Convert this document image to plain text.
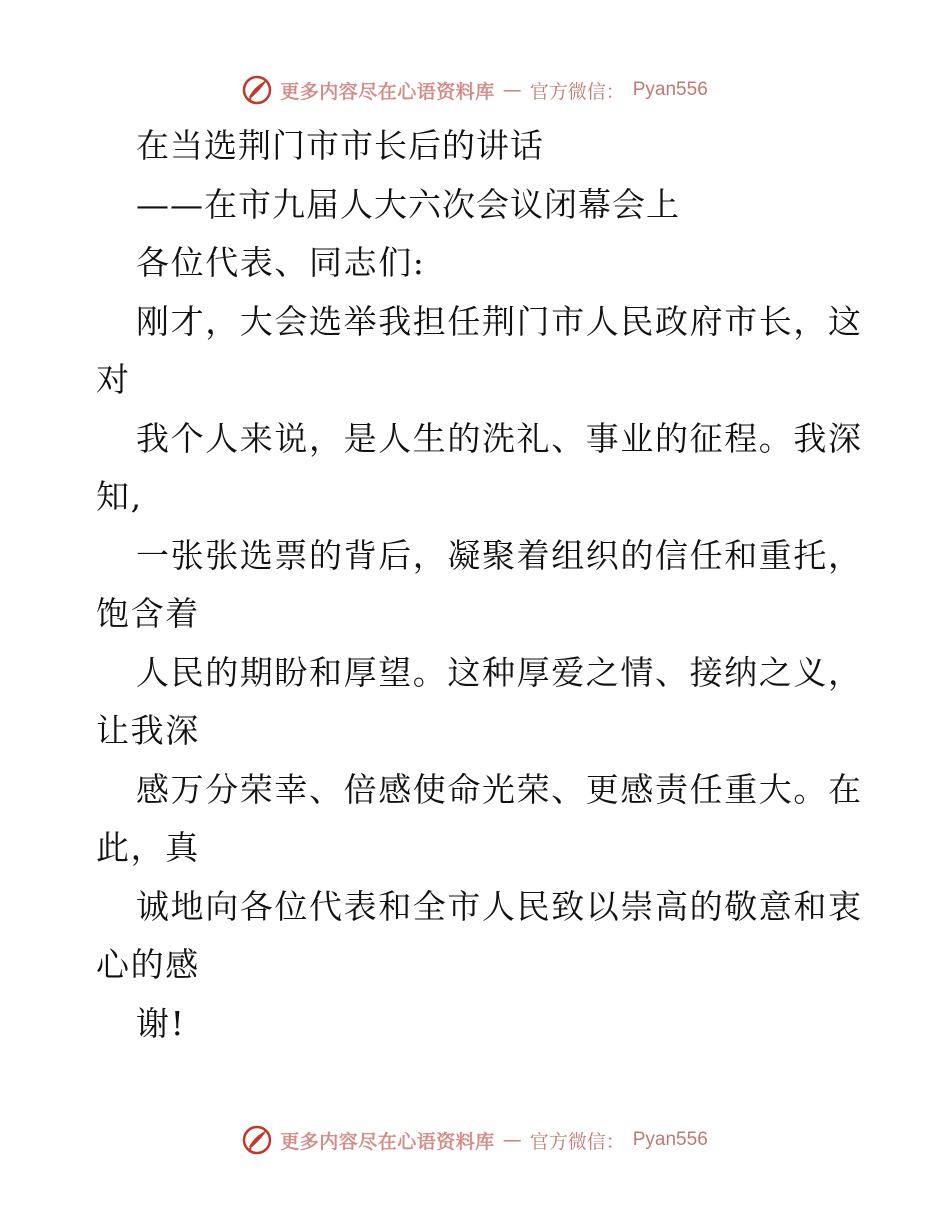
更多内容尽在心语资料库 — 官方微信： Pyan556
在当选荆门市市长后的讲话
——在市九届人大六次会议闭幕会上
各位代表、同志们:
刚才，大会选举我担任荆门市人民政府市长，这
对
我个人来说，是人生的洗礼、事业的征程。我深
知,
一张张选票的背后，凝聚着组织的信任和重托，
饱含着
人民的期盼和厚望。这种厚爱之情、接纳之义，
让我深
感万分荣幸、倍感使命光荣、更感责任重大。在
此，真
诚地向各位代表和全市人民致以崇高的敬意和衷
心的感
谢!
更多内容尽在心语资料库 — 官方微信： Pyan556
